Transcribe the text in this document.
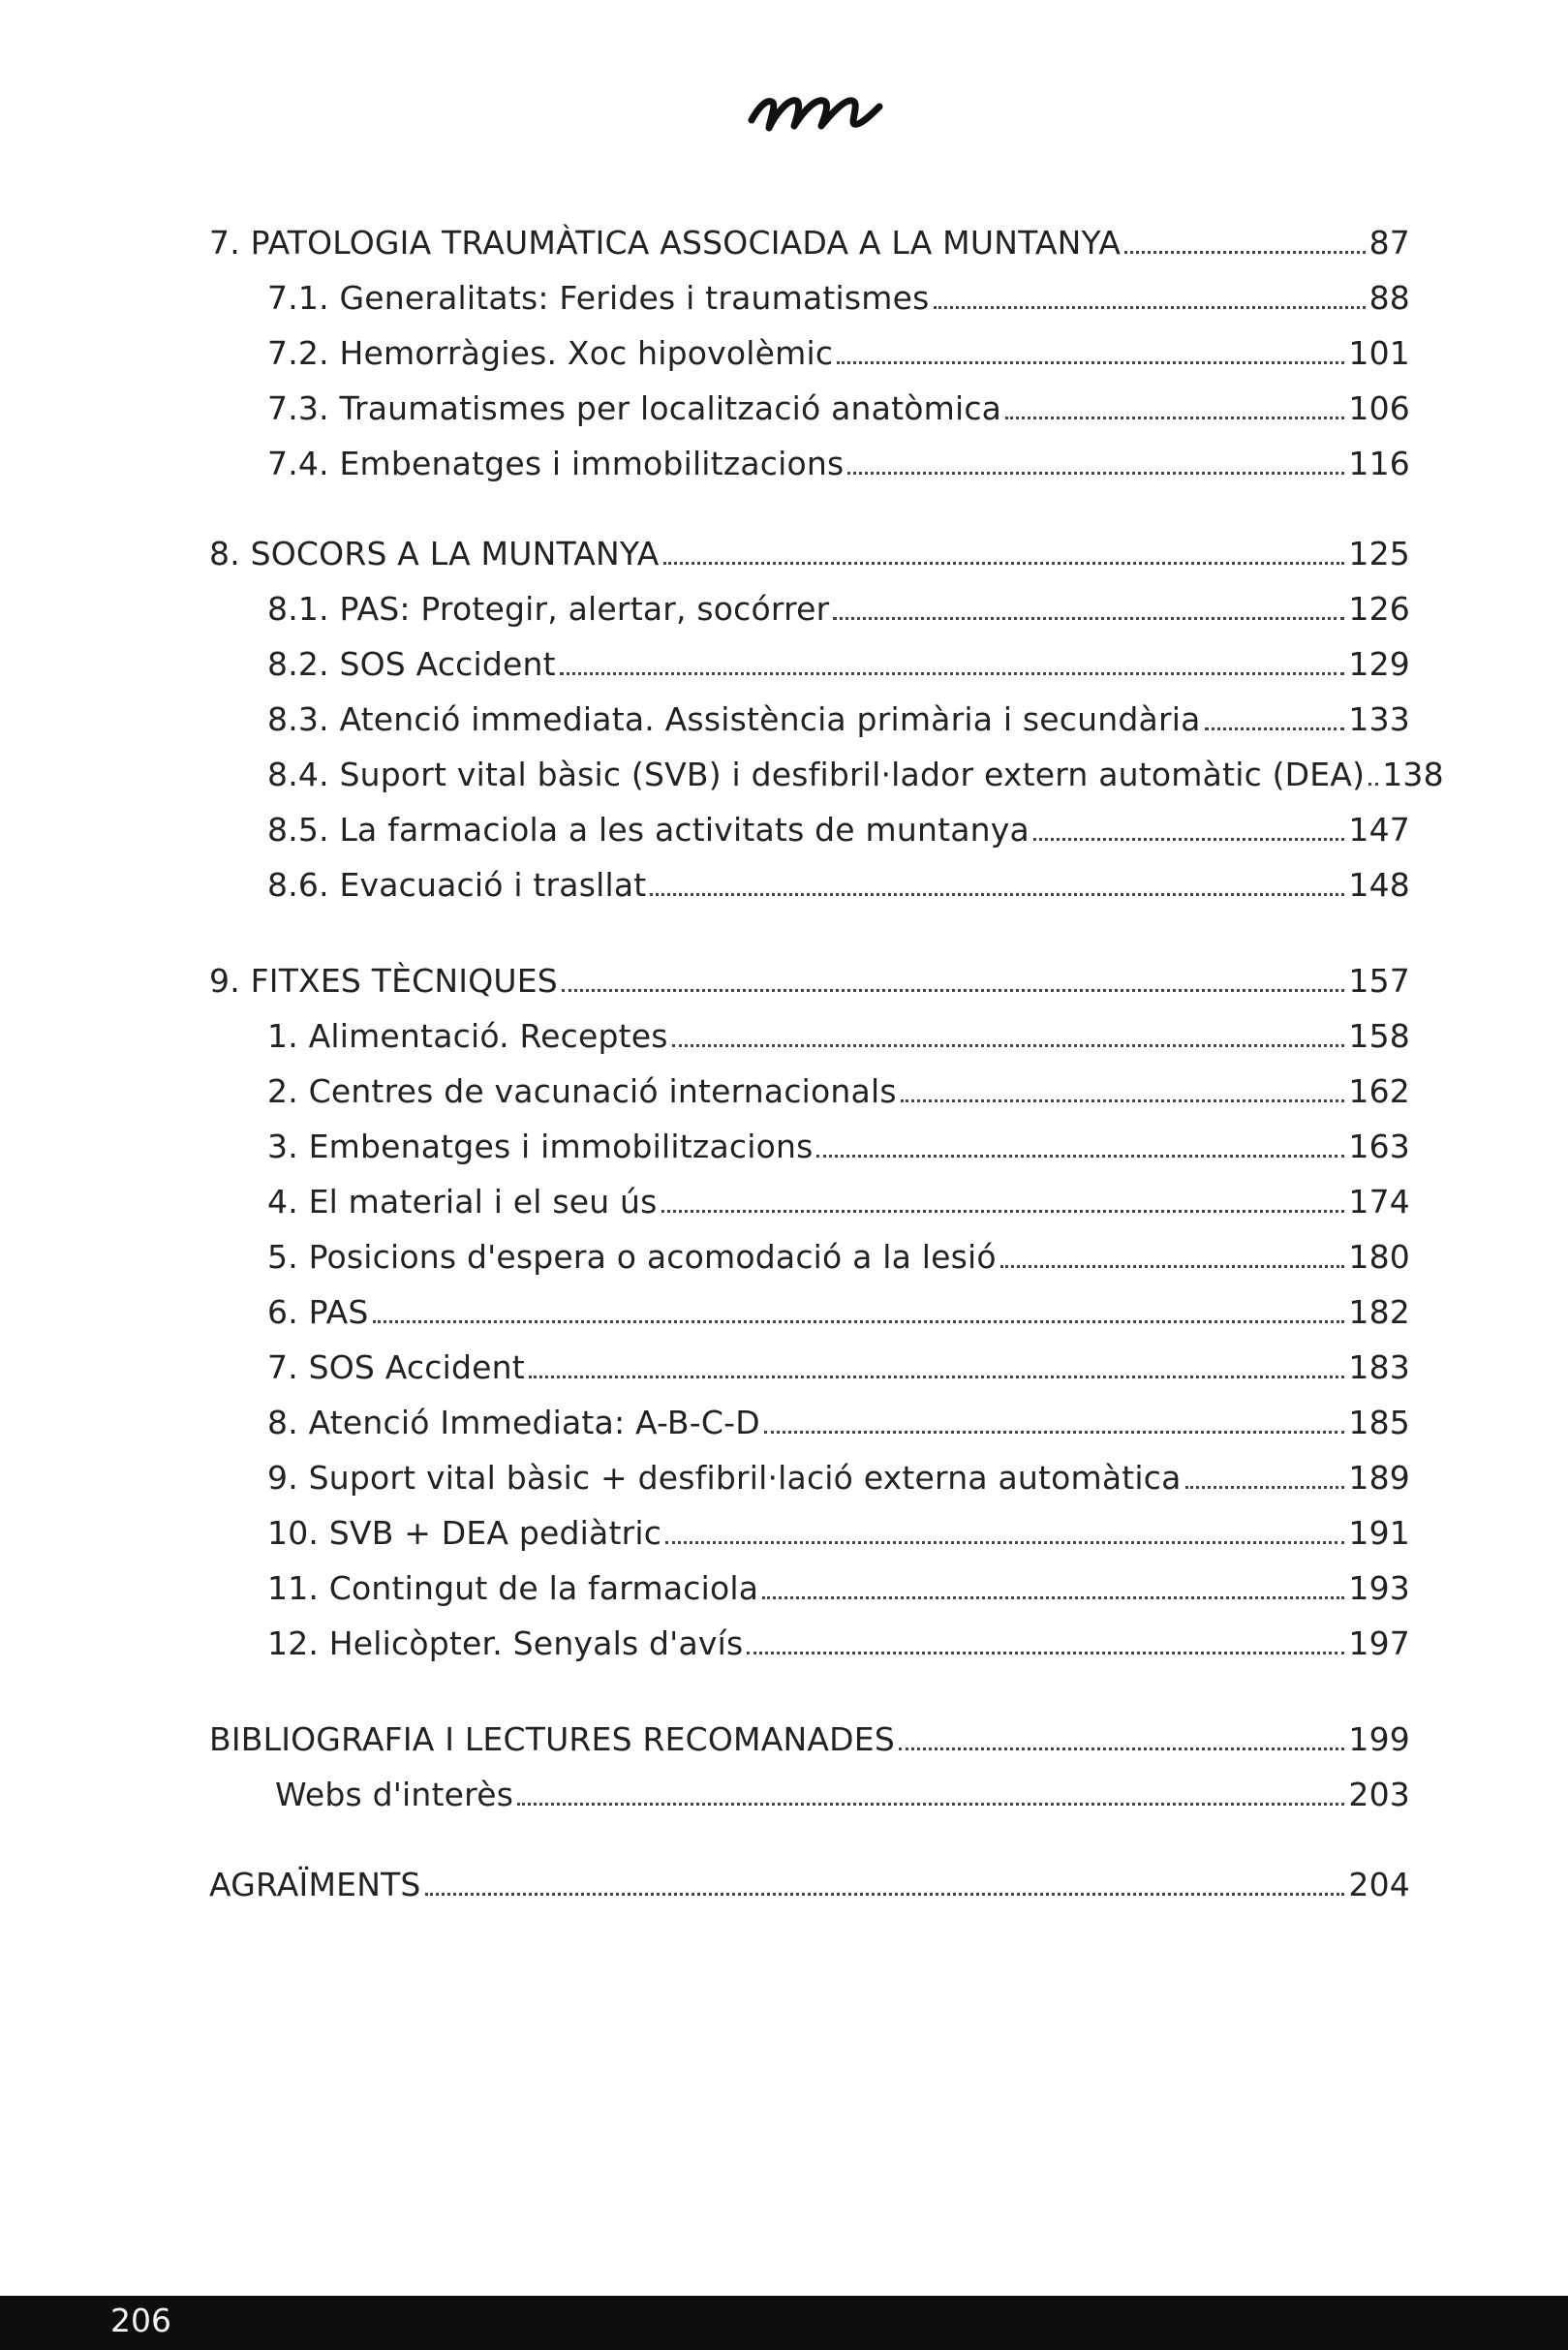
7. PATOLOGIA TRAUMÀTICA ASSOCIADA A LA MUNTANYA	87
7.1. Generalitats: Ferides i traumatismes	88
7.2. Hemorràgies. Xoc hipovolèmic	101
7.3. Traumatismes per localització anatòmica	106
7.4. Embenatges i immobilitzacions	116
8. SOCORS A LA MUNTANYA	125
8.1. PAS: Protegir, alertar, socórrer	126
8.2. SOS Accident	129
8.3. Atenció immediata. Assistència primària i secundària	133
8.4. Suport vital bàsic (SVB) i desfibril·lador extern automàtic (DEA) 138
8.5. La farmaciola a les activitats de muntanya	147
8.6. Evacuació i trasllat	148
9. FITXES TÈCNIQUES	157
1. Alimentació. Receptes	158
2. Centres de vacunació internacionals	162
3. Embenatges i immobilitzacions	163
4. El material i el seu ús	174
5. Posicions d'espera o acomodació a la lesió	180
6. PAS	182
7. SOS Accident	183
8. Atenció Immediata: A-B-C-D	185
9. Suport vital bàsic + desfibril·lació externa automàtica	189
10. SVB + DEA pediàtric	191
11. Contingut de la farmaciola	193
12. Helicòpter. Senyals d'avís	197
BIBLIOGRAFIA I LECTURES RECOMANADES	199
Webs d'interès	203
AGRAÏMENTS	204
206
